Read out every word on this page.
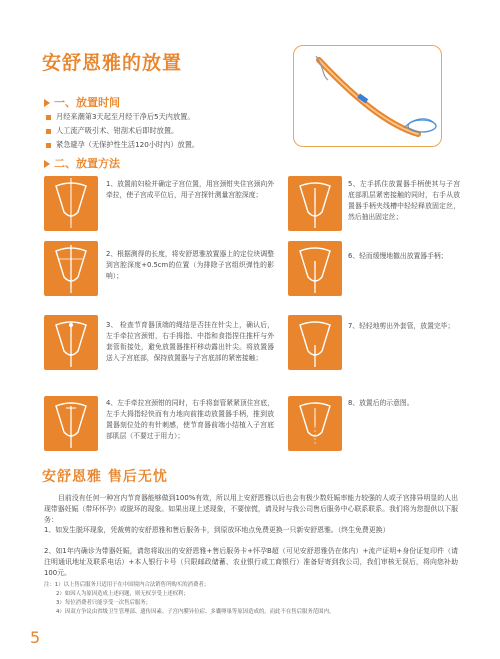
安舒恩雅的放置
一、放置时间
月经来潮第3天起至月经干净后5天内放置。
人工流产吸引术、钳刮术后即时放置。
紧急避孕（无保护性生活120小时内）放置。
二、放置方法
1、放置前妇检并确定子宫位置，用宫颈钳夹住宫颈向外牵拉，使子宫成平位后，用子宫探针测量宫腔深度；
2、根据测得的长度，将安舒恩雅放置器上的定位块调整到宫腔深度+0.5cm的位置（为排除子宫组织弹性的影响）；
3、 检查节育器顶端的绳结是否挂在针尖上，确认后，左手牵拉宫颈钳，右手拇指、中指和食指捏住推杆与外套管衔接处，避免放置器推杆移动露出针尖。将放置器送入子宫底部，保持放置器与子宫底部的紧密接触；
4、左手牵拉宫颈钳的同时，右手将套管紧紧顶住宫底，左手大拇指轻快而有力地向前推动放置器手柄，推到放置器刻位处的有针刺感，使节育器前端小结植入子宫底部肌层（不要过于用力）；
5、左手抓住放置器手柄使其与子宫底部肌层紧密接触的同时，右手从放置器手柄夹线槽中轻轻释放固定丝，然后抽出固定丝；
6、轻而缓慢地撤出放置器手柄；
7、轻轻地剪出外套管，放置完毕；
8、放置后的示意图。
安舒恩雅 售后无忧
目前没有任何一种宫内节育器能够做到100%有效，所以用上安舒恩雅以后也会有极少数妊娠率能力较强的人或子宫排异明显的人出现带器妊娠（带环怀孕）或脱环的现象。如果出现上述现象，不要惊慌，请及时与我公司售后服务中心联系联系。我们将为您提供以下服务：
1、如发生脱环现象，凭裁剪的安舒恩雅和售后服务卡，到原放环地点免费更换一只新安舒恩雅。（终生免费更换）
2、如1年内确诊为带器妊娠，请您将取出的安舒恩雅+售后服务卡+怀孕B超（可见安舒恩雅仍在体内）+流产证明+身份证复印件（请注明通讯地址及联系电话）+本人银行卡号（只限邮政储蓄、农业银行或工商银行）准备好寄到我公司，我们审核无误后，将向您补助100元。
注：1）以上售后服务只适用于在中国境内合法销售所购买的消费者；
2）如因人为原因造成上述问题，则无权享受上述权利；
3）每位消费者只能享受一次售后服务；
4）因双方争议由省级卫生管理部、遗传因素、子宫内膜异位症、多囊卵巢等原因造成的，而此不在售后服务范围内。
5
